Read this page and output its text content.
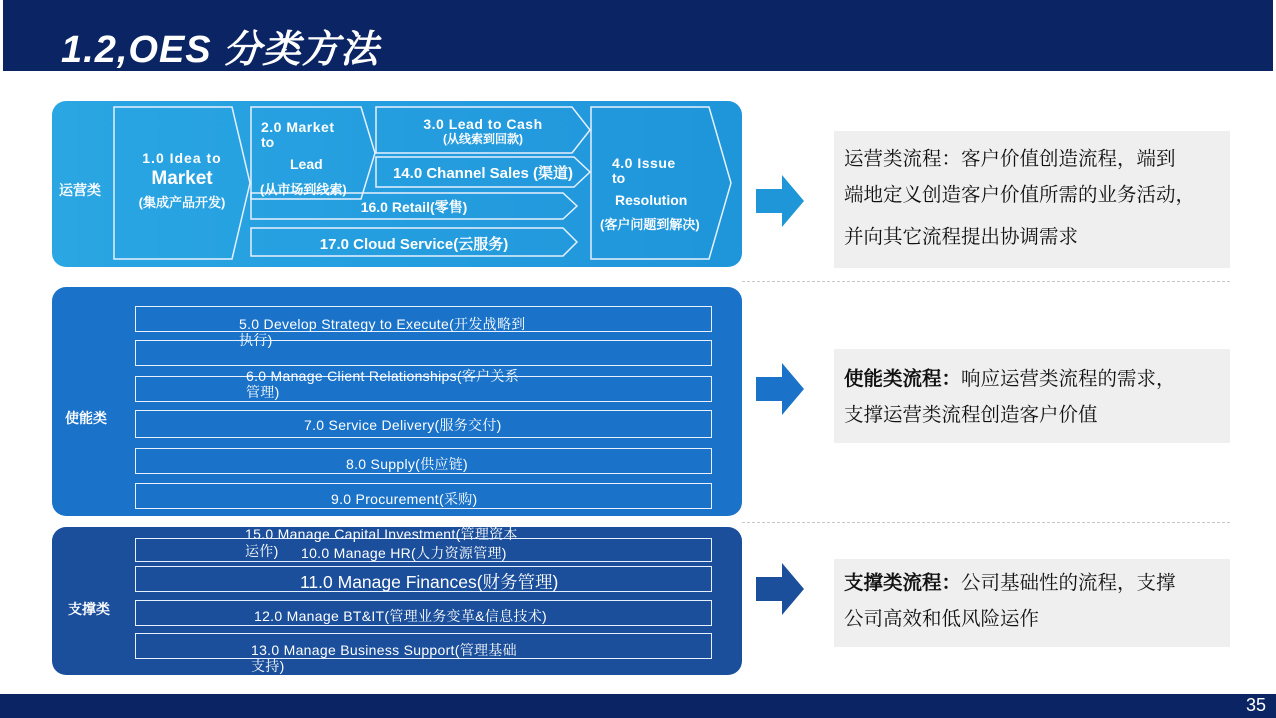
1.2,OES 分类方法
运营类
1.0 Idea to
Market
(集成产品开发)
2.0 Market
to
Lead
(从市场到线索)
3.0 Lead to Cash
(从线索到回款)
14.0 Channel Sales (渠道)
16.0 Retail(零售)
17.0 Cloud Service(云服务)
4.0 Issue
to
Resolution
(客户问题到解决)
使能类
5.0 Develop Strategy to Execute(开发战略到
执行)
6.0 Manage Client Relationships(客户关系
管理)
7.0 Service Delivery(服务交付)
8.0 Supply(供应链)
9.0 Procurement(采购)
支撑类
15.0 Manage Capital Investment(管理资本
运作) 10.0 Manage HR(人力资源管理)
11.0 Manage Finances(财务管理)
12.0 Manage BT&IT(管理业务变革&信息技术)
13.0 Manage Business Support(管理基础
支持)
运营类流程：客户价值创造流程，端到
端地定义创造客户价值所需的业务活动，
并向其它流程提出协调需求
使能类流程：响应运营类流程的需求，
支撑运营类流程创造客户价值
支撑类流程：公司基础性的流程，支撑
公司高效和低风险运作
35
